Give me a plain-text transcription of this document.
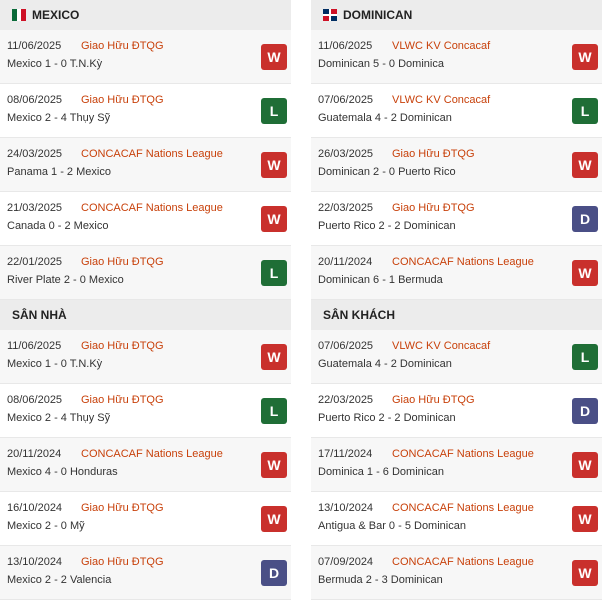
MEXICO
11/06/2025 Giao Hữu ĐTQG
Mexico 1 - 0 T.N.Kỳ	W
08/06/2025 Giao Hữu ĐTQG
Mexico 2 - 4 Thụy Sỹ	L
24/03/2025 CONCACAF Nations League
Panama 1 - 2 Mexico	W
21/03/2025 CONCACAF Nations League
Canada 0 - 2 Mexico	W
22/01/2025 Giao Hữu ĐTQG
River Plate 2 - 0 Mexico	L
SÂN NHÀ
11/06/2025 Giao Hữu ĐTQG
Mexico 1 - 0 T.N.Kỳ	W
08/06/2025 Giao Hữu ĐTQG
Mexico 2 - 4 Thụy Sỹ	L
20/11/2024 CONCACAF Nations League
Mexico 4 - 0 Honduras	W
16/10/2024 Giao Hữu ĐTQG
Mexico 2 - 0 Mỹ	W
13/10/2024 Giao Hữu ĐTQG
Mexico 2 - 2 Valencia	D
DOMINICAN
11/06/2025 VLWC KV Concacaf
Dominican 5 - 0 Dominica	W
07/06/2025 VLWC KV Concacaf
Guatemala 4 - 2 Dominican	L
26/03/2025 Giao Hữu ĐTQG
Dominican 2 - 0 Puerto Rico	W
22/03/2025 Giao Hữu ĐTQG
Puerto Rico 2 - 2 Dominican	D
20/11/2024 CONCACAF Nations League
Dominican 6 - 1 Bermuda	W
SÂN KHÁCH
07/06/2025 VLWC KV Concacaf
Guatemala 4 - 2 Dominican	L
22/03/2025 Giao Hữu ĐTQG
Puerto Rico 2 - 2 Dominican	D
17/11/2024 CONCACAF Nations League
Dominica 1 - 6 Dominican	W
13/10/2024 CONCACAF Nations League
Antigua & Bar 0 - 5 Dominican	W
07/09/2024 CONCACAF Nations League
Bermuda 2 - 3 Dominican	W
